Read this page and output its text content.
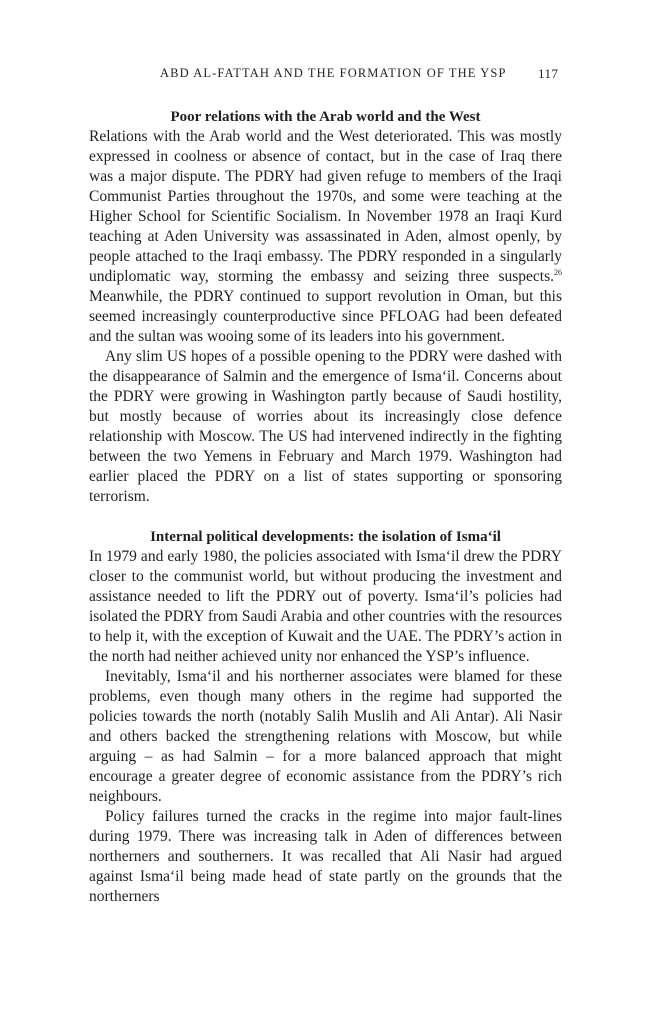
ABD AL-FATTAH AND THE FORMATION OF THE YSP 117
Poor relations with the Arab world and the West

Relations with the Arab world and the West deteriorated. This was mostly expressed in coolness or absence of contact, but in the case of Iraq there was a major dispute. The PDRY had given refuge to members of the Iraqi Communist Parties throughout the 1970s, and some were teaching at the Higher School for Scientific Socialism. In November 1978 an Iraqi Kurd teaching at Aden University was assassinated in Aden, almost openly, by people attached to the Iraqi embassy. The PDRY responded in a singularly undiplomatic way, storming the embassy and seizing three suspects.$^{26}$ Meanwhile, the PDRY continued to support revolution in Oman, but this seemed increasingly counterproductive since PFLOAG had been defeated and the sultan was wooing some of its leaders into his government.

Any slim US hopes of a possible opening to the PDRY were dashed with the disappearance of Salmin and the emergence of Isma‘il. Concerns about the PDRY were growing in Washington partly because of Saudi hostility, but mostly because of worries about its increasingly close defence relationship with Moscow. The US had intervened indirectly in the fighting between the two Yemens in February and March 1979. Washington had earlier placed the PDRY on a list of states supporting or sponsoring terrorism.

Internal political developments: the isolation of Isma‘il

In 1979 and early 1980, the policies associated with Isma‘il drew the PDRY closer to the communist world, but without producing the investment and assistance needed to lift the PDRY out of poverty. Isma‘il’s policies had isolated the PDRY from Saudi Arabia and other countries with the resources to help it, with the exception of Kuwait and the UAE. The PDRY’s action in the north had neither achieved unity nor enhanced the YSP’s influence.

Inevitably, Isma‘il and his northerner associates were blamed for these problems, even though many others in the regime had supported the policies towards the north (notably Salih Muslih and Ali Antar). Ali Nasir and others backed the strengthening relations with Moscow, but while arguing – as had Salmin – for a more balanced approach that might encourage a greater degree of economic assistance from the PDRY’s rich neighbours.

Policy failures turned the cracks in the regime into major fault-lines during 1979. There was increasing talk in Aden of differences between northerners and southerners. It was recalled that Ali Nasir had argued against Isma‘il being made head of state partly on the grounds that the northerners
